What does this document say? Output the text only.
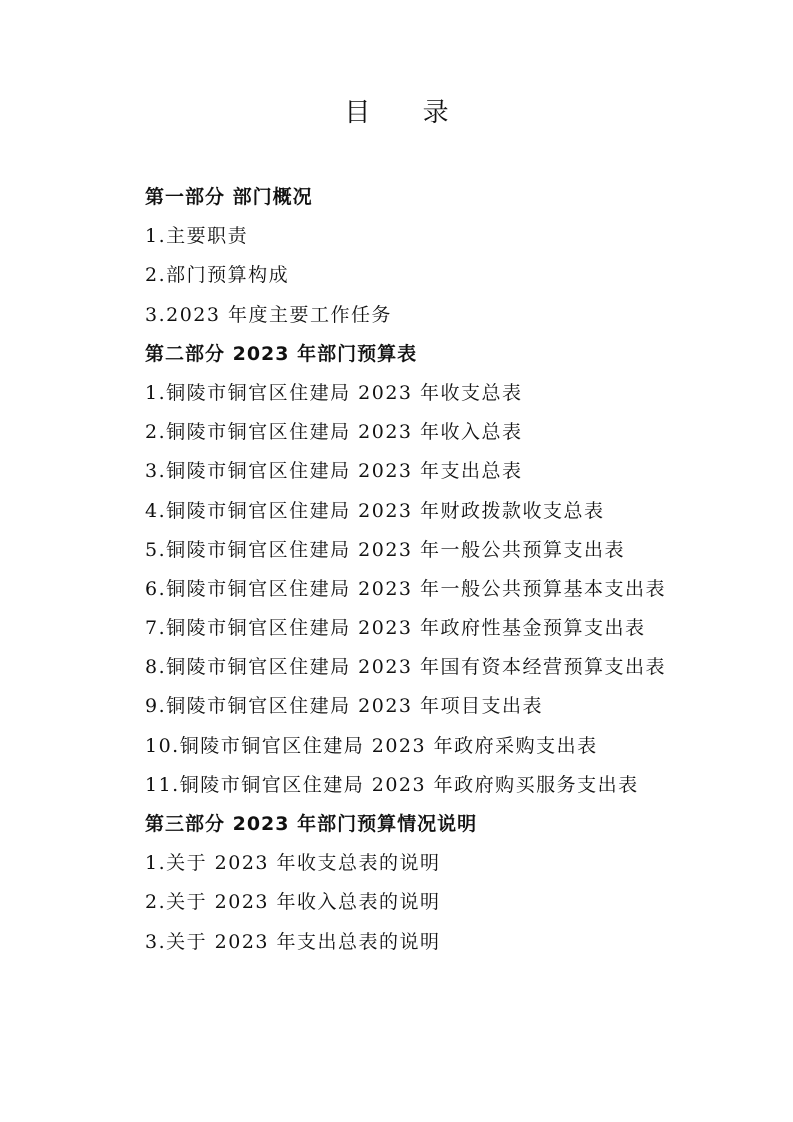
目 录
第一部分 部门概况
1.主要职责
2.部门预算构成
3.2023 年度主要工作任务
第二部分 2023 年部门预算表
1.铜陵市铜官区住建局 2023 年收支总表
2.铜陵市铜官区住建局 2023 年收入总表
3.铜陵市铜官区住建局 2023 年支出总表
4.铜陵市铜官区住建局 2023 年财政拨款收支总表
5.铜陵市铜官区住建局 2023 年一般公共预算支出表
6.铜陵市铜官区住建局 2023 年一般公共预算基本支出表
7.铜陵市铜官区住建局 2023 年政府性基金预算支出表
8.铜陵市铜官区住建局 2023 年国有资本经营预算支出表
9.铜陵市铜官区住建局 2023 年项目支出表
10.铜陵市铜官区住建局 2023 年政府采购支出表
11.铜陵市铜官区住建局 2023 年政府购买服务支出表
第三部分 2023 年部门预算情况说明
1.关于 2023 年收支总表的说明
2.关于 2023 年收入总表的说明
3.关于 2023 年支出总表的说明
